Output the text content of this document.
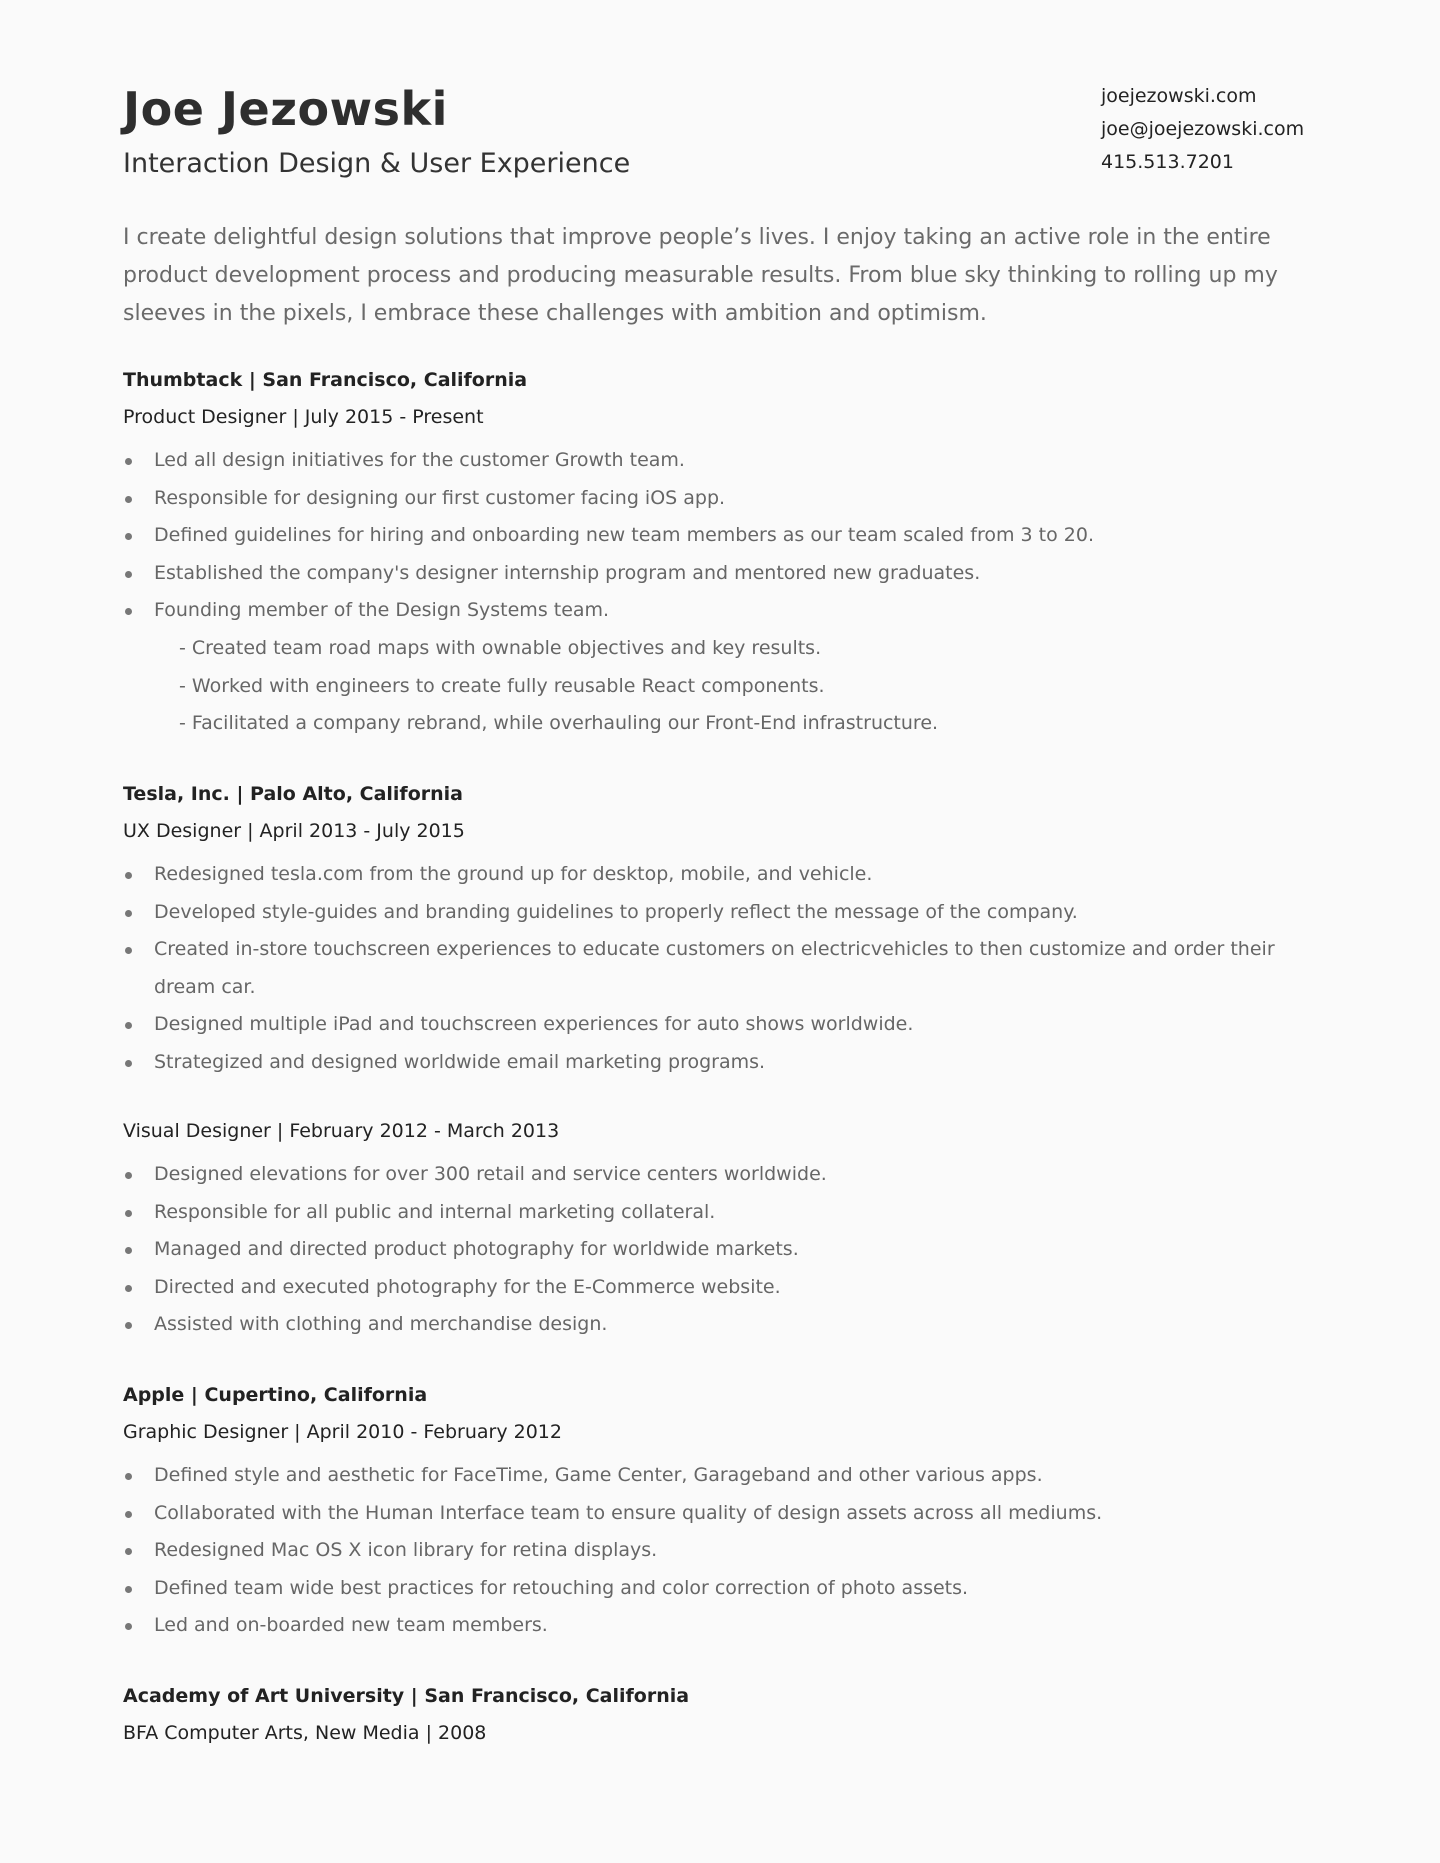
Joe Jezowski
Interaction Design & User Experience
joejezowski.com
joe@joejezowski.com
415.513.7201

I create delightful design solutions that improve people’s lives. I enjoy taking an active role in the entire product development process and producing measurable results. From blue sky thinking to rolling up my sleeves in the pixels, I embrace these challenges with ambition and optimism.

Thumbtack | San Francisco, California

Product Designer | July 2015 - Present

Led all design initiatives for the customer Growth team.
Responsible for designing our first customer facing iOS app.
Defined guidelines for hiring and onboarding new team members as our team scaled from 3 to 20.
Established the company's designer internship program and mentored new graduates.
Founding member of the Design Systems team.
- Created team road maps with ownable objectives and key results.
- Worked with engineers to create fully reusable React components.
- Facilitated a company rebrand, while overhauling our Front-End infrastructure.
Tesla, Inc. | Palo Alto, California

UX Designer | April 2013 - July 2015

Redesigned tesla.com from the ground up for desktop, mobile, and vehicle.
Developed style-guides and branding guidelines to properly reflect the message of the company.
Created in-store touchscreen experiences to educate customers on electricvehicles to then customize and order their dream car.
Designed multiple iPad and touchscreen experiences for auto shows worldwide.
Strategized and designed worldwide email marketing programs.

Visual Designer | February 2012 - March 2013

Designed elevations for over 300 retail and service centers worldwide.
Responsible for all public and internal marketing collateral.
Managed and directed product photography for worldwide markets.
Directed and executed photography for the E-Commerce website.
Assisted with clothing and merchandise design.
Apple | Cupertino, California

Graphic Designer | April 2010 - February 2012

Defined style and aesthetic for FaceTime, Game Center, Garageband and other various apps.
Collaborated with the Human Interface team to ensure quality of design assets across all mediums.
Redesigned Mac OS X icon library for retina displays.
Defined team wide best practices for retouching and color correction of photo assets.
Led and on-boarded new team members.
Academy of Art University | San Francisco, California

BFA Computer Arts, New Media | 2008
